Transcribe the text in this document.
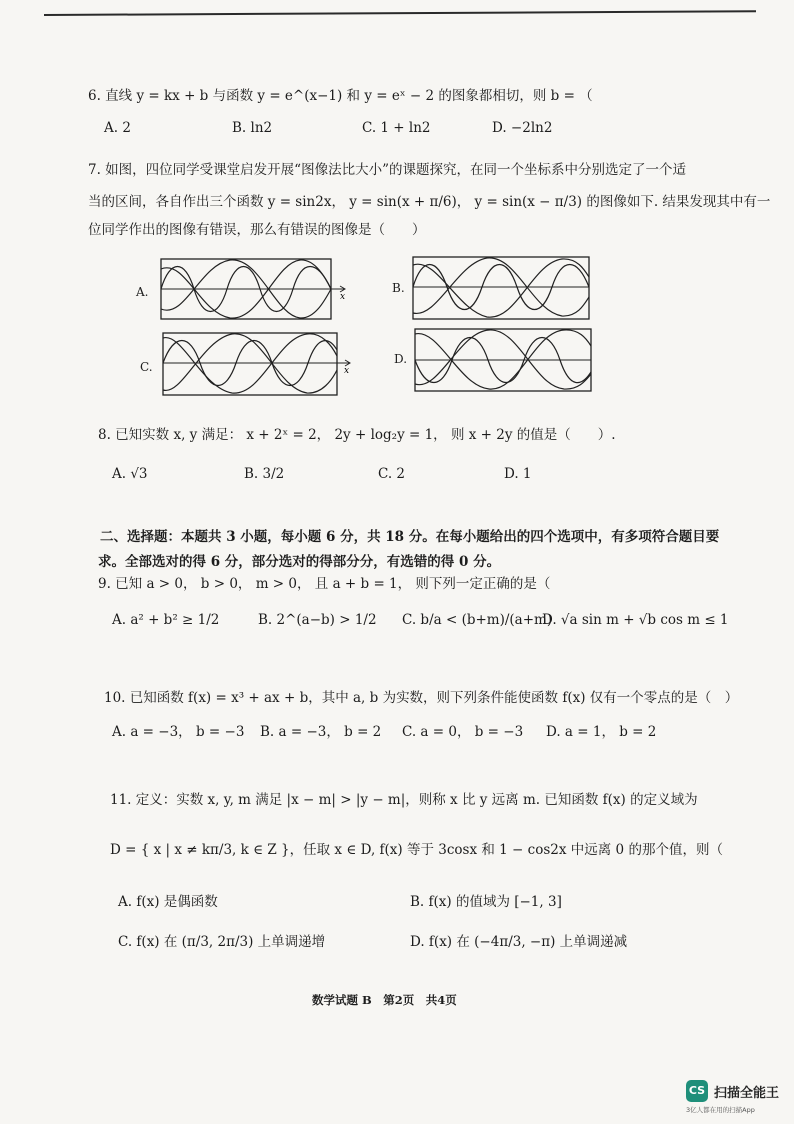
6. 直线 y = kx + b 与函数 y = e^(x−1) 和 y = eˣ − 2 的图象都相切，则 b = （
A. 2	B. ln2	C. 1 + ln2	D. −2ln2
7. 如图，四位同学受课堂启发开展“图像法比大小”的课题探究，在同一个坐标系中分别选定了一个适
当的区间，各自作出三个函数 y = sin2x， y = sin(x + π/6)， y = sin(x − π/3) 的图像如下. 结果发现其中有一
位同学作出的图像有错误，那么有错误的图像是（　　）
A.	x
B.
C.	x
D.
8. 已知实数 x, y 满足： x + 2ˣ = 2， 2y + log₂y = 1， 则 x + 2y 的值是（　　）.
A. √3	B. 3/2	C. 2	D. 1
二、选择题：本题共 3 小题，每小题 6 分，共 18 分。在每小题给出的四个选项中，有多项符合题目要
求。全部选对的得 6 分，部分选对的得部分分，有选错的得 0 分。
9. 已知 a > 0， b > 0， m > 0， 且 a + b = 1， 则下列一定正确的是（
A. a² + b² ≥ 1/2	B. 2^(a−b) > 1/2 C. b/a < (b+m)/(a+m)
D. √a sin m + √b cos m ≤ 1
10. 已知函数 f(x) = x³ + ax + b，其中 a, b 为实数，则下列条件能使函数 f(x) 仅有一个零点的是（　）
A. a = −3， b = −3 B. a = −3， b = 2 C. a = 0， b = −3 D. a = 1， b = 2
11. 定义：实数 x, y, m 满足 |x − m| > |y − m|，则称 x 比 y 远离 m. 已知函数 f(x) 的定义域为
D = { x | x ≠ kπ/3, k ∈ Z }，任取 x ∈ D, f(x) 等于 3cosx 和 1 − cos2x 中远离 0 的那个值，则（
A. f(x) 是偶函数	B. f(x) 的值域为 [−1, 3]
C. f(x) 在 (π/3, 2π/3) 上单调递增	D. f(x) 在 (−4π/3, −π) 上单调递减
数学试题 B　第2页　共4页
CS 扫描全能王
3亿人都在用的扫描App
